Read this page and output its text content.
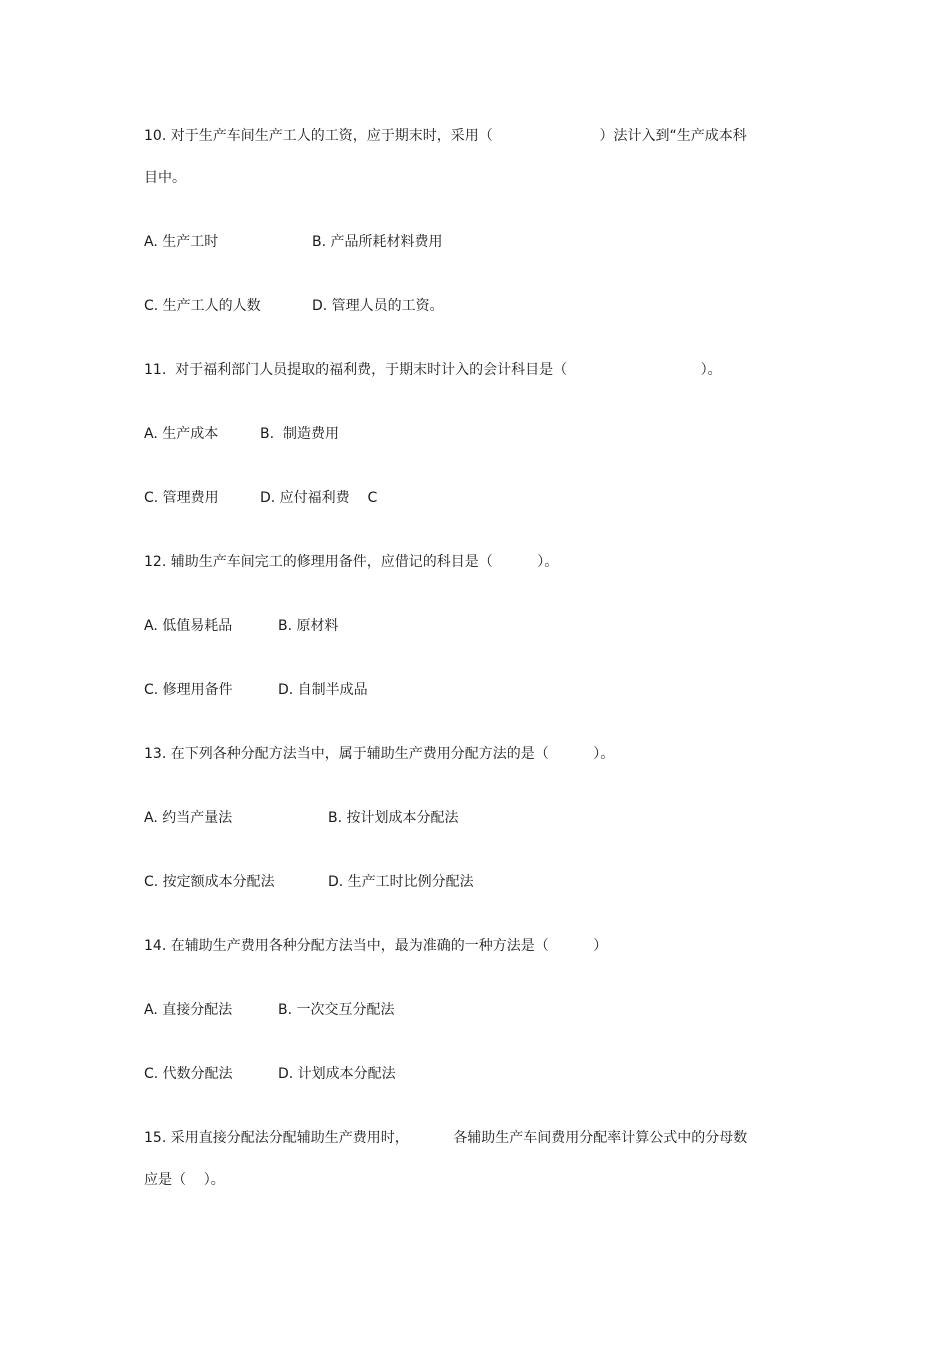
10. 对于生产车间生产工人的工资，应于期末时，采用（                        ）法计入到“生产成本科
目中。
A. 生产工时	B. 产品所耗材料费用
C. 生产工人的人数	D. 管理人员的工资。
11.  对于福利部门人员提取的福利费，于期末时计入的会计科目是（                              ）。
A. 生产成本	B.  制造费用
C. 管理费用	D. 应付福利费    C
12. 辅助生产车间完工的修理用备件，应借记的科目是（          ）。
A. 低值易耗品	B. 原材料
C. 修理用备件	D. 自制半成品
13. 在下列各种分配方法当中，属于辅助生产费用分配方法的是（          ）。
A. 约当产量法	B. 按计划成本分配法
C. 按定额成本分配法	D. 生产工时比例分配法
14. 在辅助生产费用各种分配方法当中，最为准确的一种方法是（          ）
A. 直接分配法	B. 一次交互分配法
C. 代数分配法	D. 计划成本分配法
15. 采用直接分配法分配辅助生产费用时，          各辅助生产车间费用分配率计算公式中的分母数
应是（    ）。
